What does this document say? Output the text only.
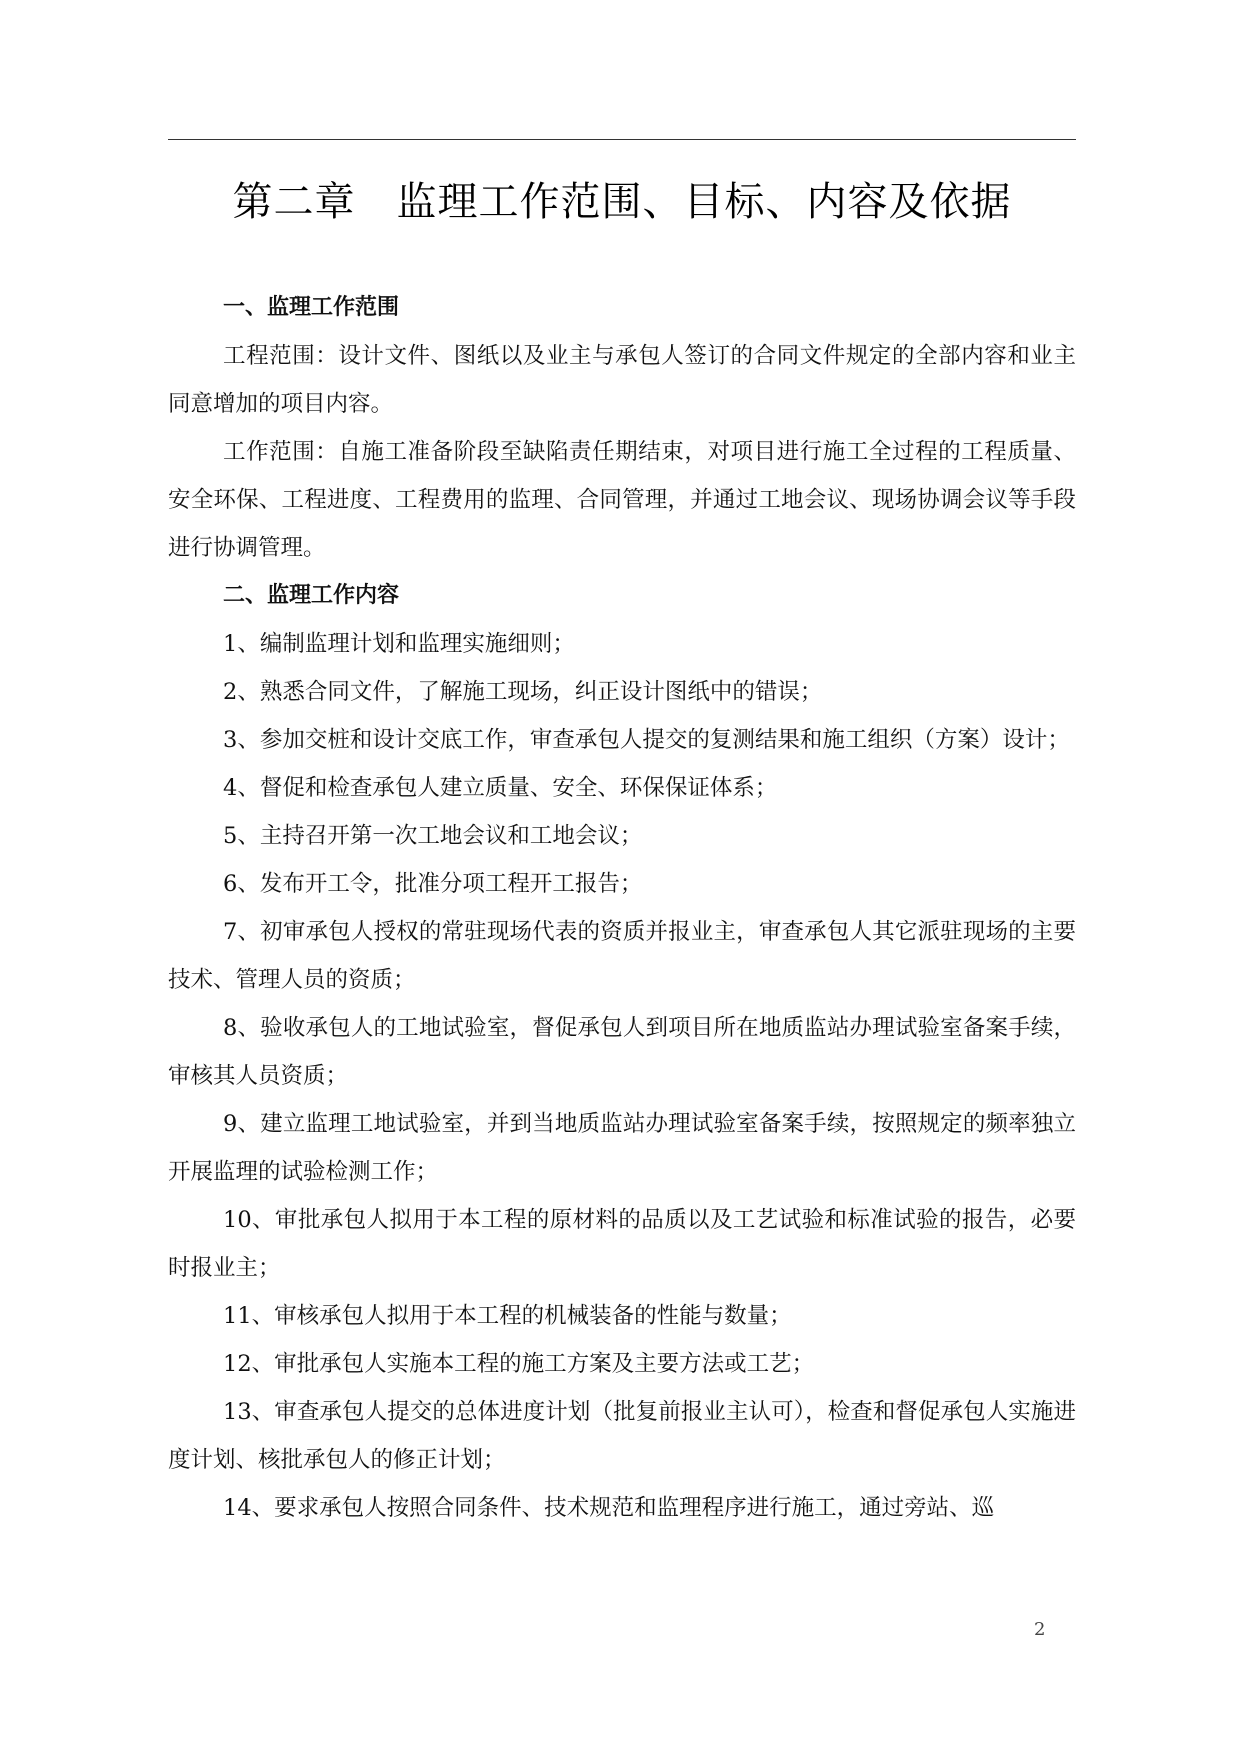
第二章　监理工作范围、目标、内容及依据

一、监理工作范围

工程范围：设计文件、图纸以及业主与承包人签订的合同文件规定的全部内容和业主同意增加的项目内容。

工作范围：自施工准备阶段至缺陷责任期结束，对项目进行施工全过程的工程质量、安全环保、工程进度、工程费用的监理、合同管理，并通过工地会议、现场协调会议等手段进行协调管理。

二、监理工作内容

1、编制监理计划和监理实施细则；

2、熟悉合同文件，了解施工现场，纠正设计图纸中的错误；

3、参加交桩和设计交底工作，审查承包人提交的复测结果和施工组织（方案）设计；

4、督促和检查承包人建立质量、安全、环保保证体系；

5、主持召开第一次工地会议和工地会议；

6、发布开工令，批准分项工程开工报告；

7、初审承包人授权的常驻现场代表的资质并报业主，审查承包人其它派驻现场的主要技术、管理人员的资质；

8、验收承包人的工地试验室，督促承包人到项目所在地质监站办理试验室备案手续，审核其人员资质；

9、建立监理工地试验室，并到当地质监站办理试验室备案手续，按照规定的频率独立开展监理的试验检测工作；

10、审批承包人拟用于本工程的原材料的品质以及工艺试验和标准试验的报告，必要时报业主；

11、审核承包人拟用于本工程的机械装备的性能与数量；

12、审批承包人实施本工程的施工方案及主要方法或工艺；

13、审查承包人提交的总体进度计划（批复前报业主认可），检查和督促承包人实施进度计划、核批承包人的修正计划；

14、要求承包人按照合同条件、技术规范和监理程序进行施工，通过旁站、巡

2
